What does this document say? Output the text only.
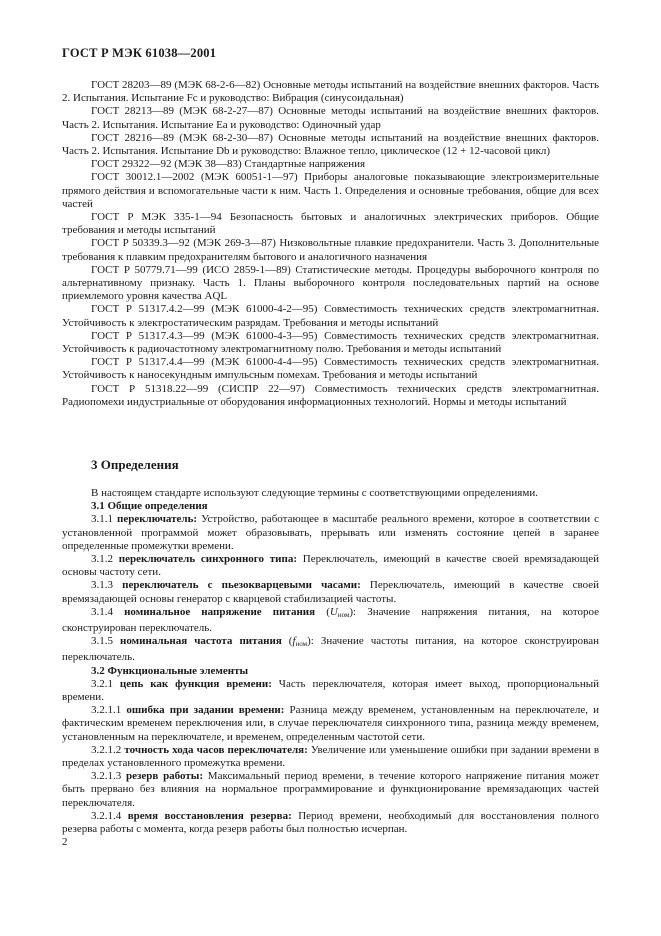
ГОСТ Р МЭК 61038—2001

ГОСТ 28203—89 (МЭК 68-2-6—82) Основные методы испытаний на воздействие внешних факторов. Часть 2. Испытания. Испытание Fc и руководство: Вибрация (синусоидальная)

ГОСТ 28213—89 (МЭК 68-2-27—87) Основные методы испытаний на воздействие внешних факторов. Часть 2. Испытания. Испытание Ea и руководство: Одиночный удар

ГОСТ 28216—89 (МЭК 68-2-30—87) Основные методы испытаний на воздействие внешних факторов. Часть 2. Испытания. Испытание Db и руководство: Влажное тепло, циклическое (12 + 12-часовой цикл)

ГОСТ 29322—92 (МЭК 38—83) Стандартные напряжения

ГОСТ 30012.1—2002 (МЭК 60051-1—97) Приборы аналоговые показывающие электроизмерительные прямого действия и вспомогательные части к ним. Часть 1. Определения и основные требования, общие для всех частей

ГОСТ Р МЭК 335-1—94 Безопасность бытовых и аналогичных электрических приборов. Общие требования и методы испытаний

ГОСТ Р 50339.3—92 (МЭК 269-3—87) Низковольтные плавкие предохранители. Часть 3. Дополнительные требования к плавким предохранителям бытового и аналогичного назначения

ГОСТ Р 50779.71—99 (ИСО 2859-1—89) Статистические методы. Процедуры выборочного контроля по альтернативному признаку. Часть 1. Планы выборочного контроля последовательных партий на основе приемлемого уровня качества AQL

ГОСТ Р 51317.4.2—99 (МЭК 61000-4-2—95) Совместимость технических средств электромагнитная. Устойчивость к электростатическим разрядам. Требования и методы испытаний

ГОСТ Р 51317.4.3—99 (МЭК 61000-4-3—95) Совместимость технических средств электромагнитная. Устойчивость к радиочастотному электромагнитному полю. Требования и методы испытаний

ГОСТ Р 51317.4.4—99 (МЭК 61000-4-4—95) Совместимость технических средств электромагнитная. Устойчивость к наносекундным импульсным помехам. Требования и методы испытаний

ГОСТ Р 51318.22—99 (СИСПР 22—97) Совместимость технических средств электромагнитная. Радиопомехи индустриальные от оборудования информационных технологий. Нормы и методы испытаний

3 Определения

В настоящем стандарте используют следующие термины с соответствующими определениями.

3.1 Общие определения

3.1.1 переключатель: Устройство, работающее в масштабе реального времени, которое в соответствии с установленной программой может образовывать, прерывать или изменять состояние цепей в заранее определенные промежутки времени.

3.1.2 переключатель синхронного типа: Переключатель, имеющий в качестве своей времязадающей основы частоту сети.

3.1.3 переключатель с пьезокварцевыми часами: Переключатель, имеющий в качестве своей времязадающей основы генератор с кварцевой стабилизацией частоты.

3.1.4 номинальное напряжение питания $(U_{ном})$: Значение напряжения питания, на которое сконструирован переключатель.

3.1.5 номинальная частота питания $(f_{ном})$: Значение частоты питания, на которое сконструирован переключатель.

3.2 Функциональные элементы

3.2.1 цепь как функция времени: Часть переключателя, которая имеет выход, пропорциональный времени.

3.2.1.1 ошибка при задании времени: Разница между временем, установленным на переключателе, и фактическим временем переключения или, в случае переключателя синхронного типа, разница между временем, установленным на переключателе, и временем, определенным частотой сети.

3.2.1.2 точность хода часов переключателя: Увеличение или уменьшение ошибки при задании времени в пределах установленного промежутка времени.

3.2.1.3 резерв работы: Максимальный период времени, в течение которого напряжение питания может быть прервано без влияния на нормальное программирование и функционирование времязадающих частей переключателя.

3.2.1.4 время восстановления резерва: Период времени, необходимый для восстановления полного резерва работы с момента, когда резерв работы был полностью исчерпан.

2
